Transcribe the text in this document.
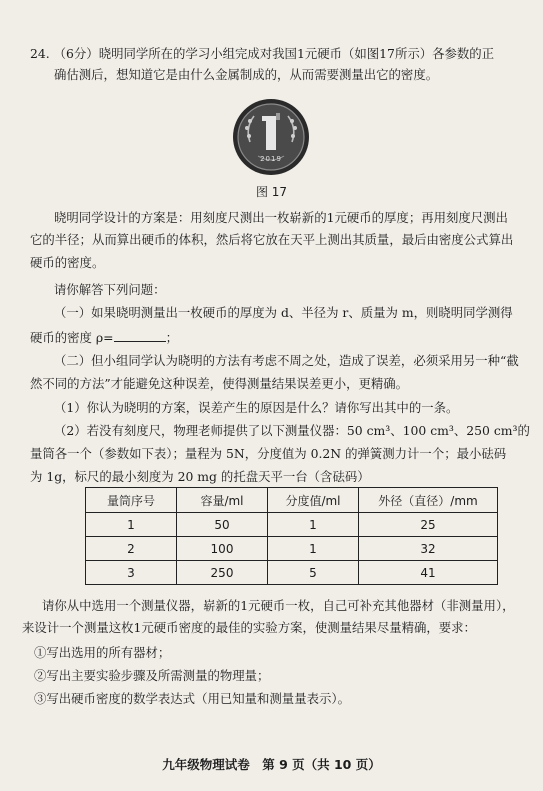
24. （6分）晓明同学所在的学习小组完成对我国1元硬币（如图17所示）各参数的正
确估测后，想知道它是由什么金属制成的，从而需要测量出它的密度。
2019
图 17
晓明同学设计的方案是：用刻度尺测出一枚崭新的1元硬币的厚度；再用刻度尺测出
它的半径；从而算出硬币的体积，然后将它放在天平上测出其质量，最后由密度公式算出
硬币的密度。
请你解答下列问题：
（一）如果晓明测量出一枚硬币的厚度为 d、半径为 r、质量为 m，则晓明同学测得
硬币的密度 ρ=	；
（二）但小组同学认为晓明的方法有考虑不周之处，造成了误差，必须采用另一种“截
然不同的方法”才能避免这种误差，使得测量结果误差更小，更精确。
（1）你认为晓明的方案，误差产生的原因是什么？请你写出其中的一条。
（2）若没有刻度尺，物理老师提供了以下测量仪器：50 cm³、100 cm³、250 cm³的
量筒各一个（参数如下表）；量程为 5N，分度值为 0.2N 的弹簧测力计一个；最小砝码
为 1g，标尺的最小刻度为 20 mg 的托盘天平一台（含砝码）
量筒序号	容量/ml	分度值/ml	外径（直径）/mm
1	50	1	25
2	100	1	32
3	250	5	41
请你从中选用一个测量仪器，崭新的1元硬币一枚，自己可补充其他器材（非测量用），
来设计一个测量这枚1元硬币密度的最佳的实验方案，使测量结果尽量精确，要求：
①写出选用的所有器材；
②写出主要实验步骤及所需测量的物理量；
③写出硬币密度的数学表达式（用已知量和测量量表示）。
九年级物理试卷　第 9 页（共 10 页）
